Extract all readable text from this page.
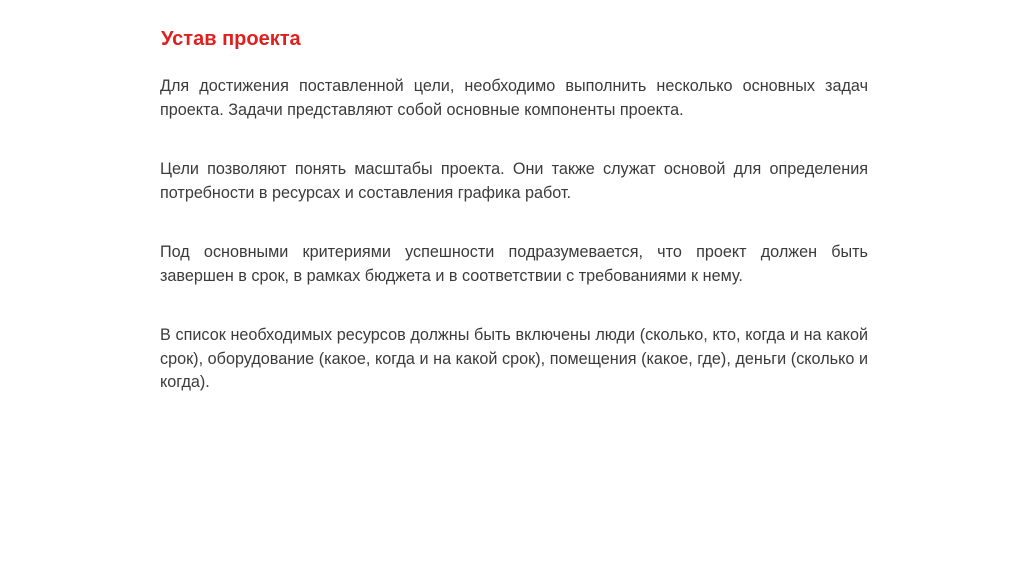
Устав проекта

Для достижения поставленной цели, необходимо выполнить несколько основных задач проекта. Задачи представляют собой основные компоненты проекта.

Цели позволяют понять масштабы проекта. Они также служат основой для определения потребности в ресурсах и составления графика работ.

Под основными критериями успешности подразумевается, что проект должен быть завершен в срок, в рамках бюджета и в соответствии с требованиями к нему.

В список необходимых ресурсов должны быть включены люди (сколько, кто, когда и на какой срок), оборудование (какое, когда и на какой срок), помещения (какое, где), деньги (сколько и когда).
